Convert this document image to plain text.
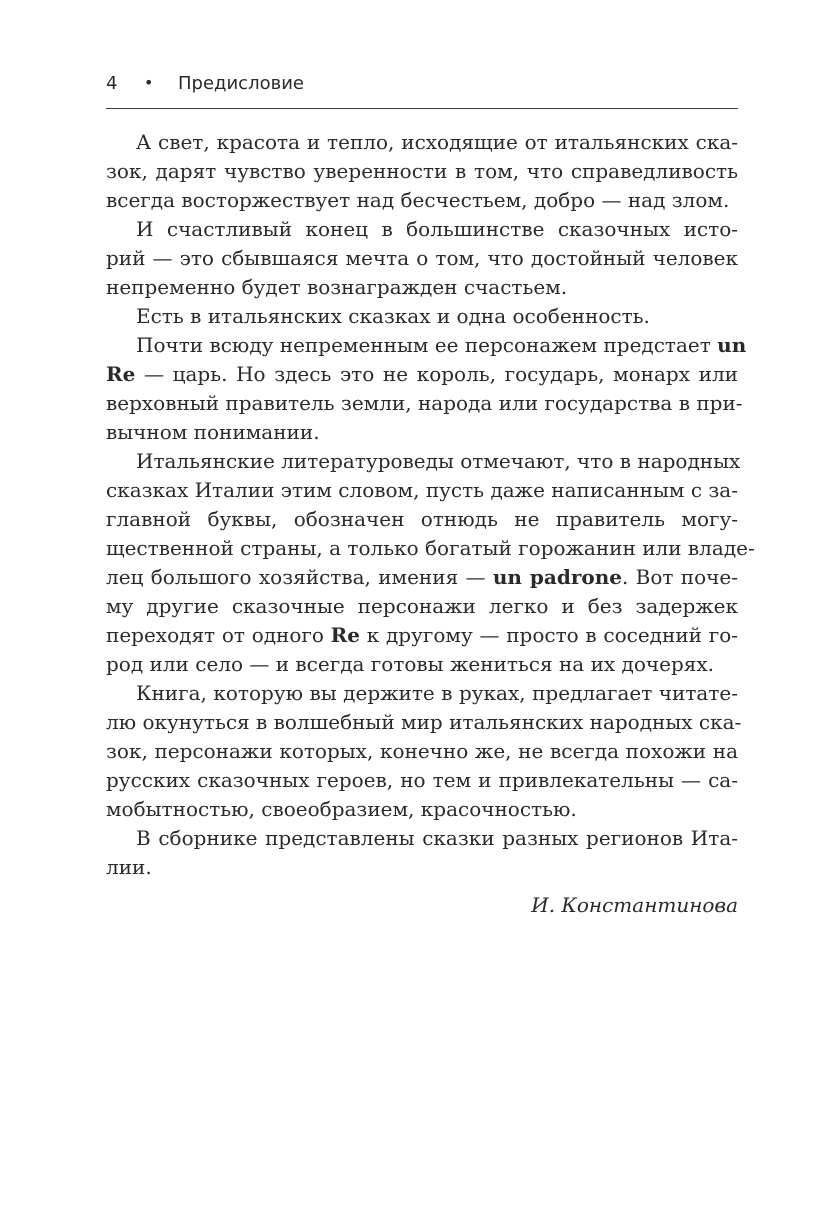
4 • Предисловие
А свет, красота и тепло, исходящие от итальянских ска-
зок, дарят чувство уверенности в том, что справедливость
всегда восторжествует над бесчестьем, добро — над злом.
И счастливый конец в большинстве сказочных исто-
рий — это сбывшаяся мечта о том, что достойный человек
непременно будет вознагражден счастьем.
Есть в итальянских сказках и одна особенность.
Почти всюду непременным ее персонажем предстает un
Re — царь. Но здесь это не король, государь, монарх или
верховный правитель земли, народа или государства в при-
вычном понимании.
Итальянские литературоведы отмечают, что в народных
сказках Италии этим словом, пусть даже написанным с за-
главной буквы, обозначен отнюдь не правитель могу-
щественной страны, а только богатый горожанин или владе-
лец большого хозяйства, имения — un padrone. Вот поче-
му другие сказочные персонажи легко и без задержек
переходят от одного Re к другому — просто в соседний го-
род или село — и всегда готовы жениться на их дочерях.
Книга, которую вы держите в руках, предлагает читате-
лю окунуться в волшебный мир итальянских народных ска-
зок, персонажи которых, конечно же, не всегда похожи на
русских сказочных героев, но тем и привлекательны — са-
мобытностью, своеобразием, красочностью.
В сборнике представлены сказки разных регионов Ита-
лии.
И. Константинова
